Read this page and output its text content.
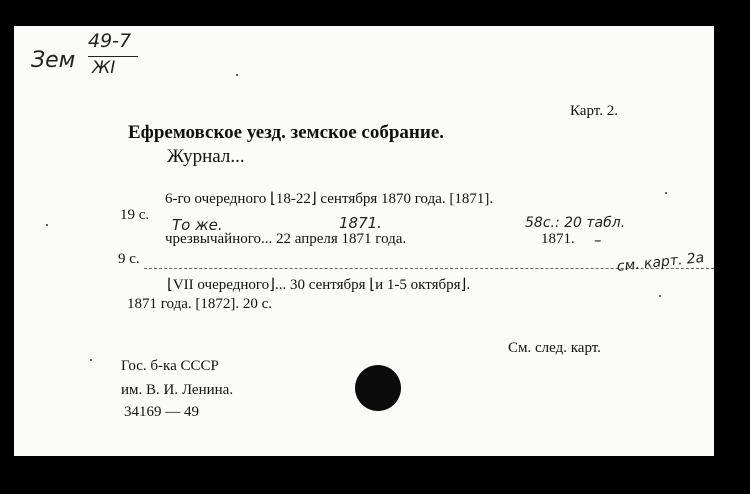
Зем
49-7
ЖI
Карт. 2.
Ефремовское уезд. земское собрание.
Журнал...
6-го очередного ⌊18-22⌋ сентября 1870 года. [1871].
19 с.
То же.	1871.	58с.: 20 табл.
чрезвычайного... 22 апреля 1871 года.	1871. –
9 с.	см. карт. 2а
⌊VII очередного⌋... 30 сентября ⌊и 1-5 октября⌋.
1871 года. [1872]. 20 с.
См. след. карт.
Гос. б-ка СССР
им. В. И. Ленина.
34169 — 49
